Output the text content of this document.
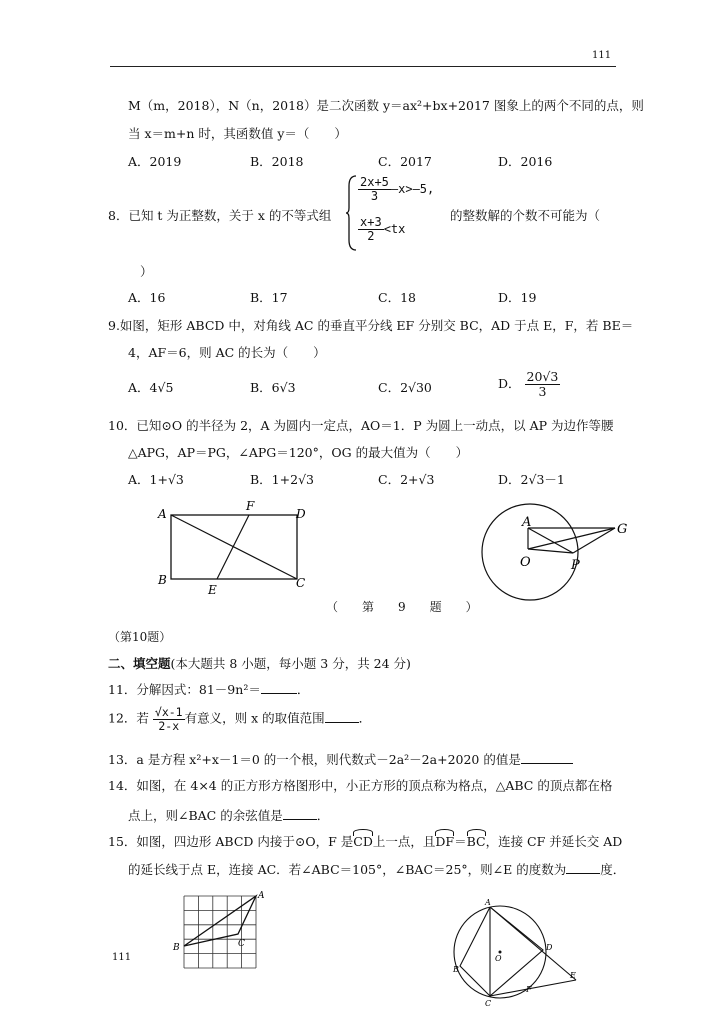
111
M（m，2018），N（n，2018）是二次函数 y＝ax²+bx+2017 图象上的两个不同的点，则
当 x＝m+n 时，其函数值 y＝（　　）
A．2019	B．2018	C．2017	D．2016
8．已知 t 为正整数，关于 x 的不等式组
$\frac{2x+5}{3} -x>-5$,
$\frac{x+3}{2} <tx$
的整数解的个数不可能为（
）
A．16	B．17	C．18	D．19
9.如图，矩形 ABCD 中，对角线 AC 的垂直平分线 EF 分别交 BC，AD 于点 E，F，若 BE＝
4，AF＝6，则 AC 的长为（　　）
A．4√5	B．6√3	C．2√30	D． $\frac{20√3}{3}$
10．已知⊙O 的半径为 2，A 为圆内一定点，AO＝1．P 为圆上一动点，以 AP 为边作等腰
△APG，AP＝PG，∠APG＝120°，OG 的最大值为（　　）
A．1+√3	B．1+2√3	C．2+√3	D．2√3－1
A
F
D
B
E	C
A	G
O	P
（　　第　　9　　题　　）
（第10题）
二、填空题(本大题共 8 小题，每小题 3 分，共 24 分)
11．分解因式：81－9n²＝	．
12．若 $\frac{√x-1}{2-x}$ 有意义，则 x 的取值范围	．
13．a 是方程 x²+x－1＝0 的一个根，则代数式－2a²－2a+2020 的值是
14．如图，在 4×4 的正方形方格图形中，小正方形的顶点称为格点，△ABC 的顶点都在格
点上，则∠BAC 的余弦值是	．
15．如图，四边形 ABCD 内接于⊙O，F 是CD上一点，且DF＝BC，连接 CF 并延长交 AD
的延长线于点 E，连接 AC．若∠ABC＝105°，∠BAC＝25°，则∠E 的度数为	度．
A
B	C
111
A
D
O
B
C
F
E
